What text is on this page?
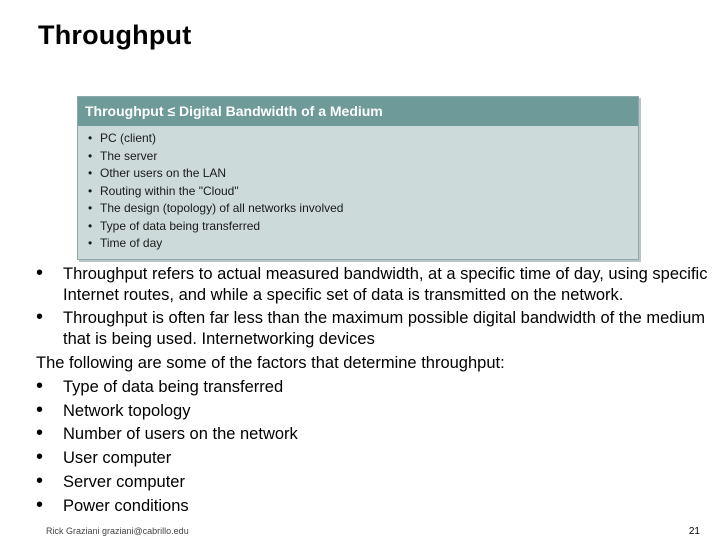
Throughput
Throughput ≤ Digital Bandwidth of a Medium
• PC (client)
• The server
• Other users on the LAN
• Routing within the "Cloud"
• The design (topology) of all networks involved
• Type of data being transferred
• Time of day
• Throughput refers to actual measured bandwidth, at a specific time of day, using specific Internet routes, and while a specific set of data is transmitted on the network.
• Throughput is often far less than the maximum possible digital bandwidth of the medium that is being used. Internetworking devices
The following are some of the factors that determine throughput:
• Type of data being transferred
• Network topology
• Number of users on the network
• User computer
• Server computer
• Power conditions
Rick Graziani graziani@cabrillo.edu	21
